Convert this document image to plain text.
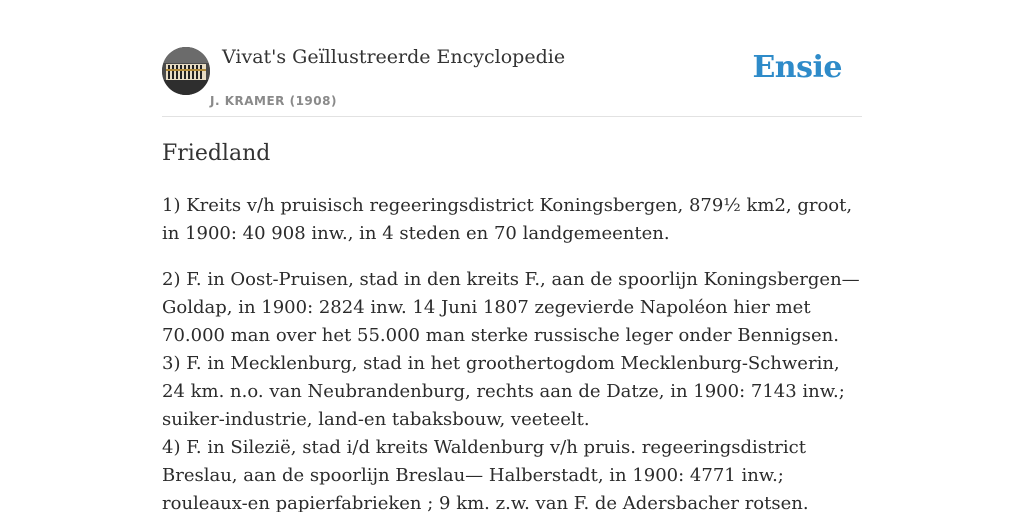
Vivat's Geïllustreerde Encyclopedie
J. KRAMER (1908)
Ensie
Friedland

1) Kreits v/h pruisisch regeeringsdistrict Koningsbergen, 879½ km2, groot, in 1900: 40 908 inw., in 4 steden en 70 landgemeenten.

2) F. in Oost-Pruisen, stad in den kreits F., aan de spoorlijn Koningsbergen—Goldap, in 1900: 2824 inw. 14 Juni 1807 zegevierde Napoléon hier met 70.000 man over het 55.000 man sterke russische leger onder Bennigsen.

3) F. in Mecklenburg, stad in het groothertogdom Mecklenburg-Schwerin, 24 km. n.o. van Neubrandenburg, rechts aan de Datze, in 1900: 7143 inw.; suiker-industrie, land-en tabaksbouw, veeteelt.

4) F. in Silezië, stad i/d kreits Waldenburg v/h pruis. regeeringsdistrict Breslau, aan de spoorlijn Breslau— Halberstadt, in 1900: 4771 inw.; rouleaux-en papierfabrieken ; 9 km. z.w. van F. de Adersbacher rotsen.
